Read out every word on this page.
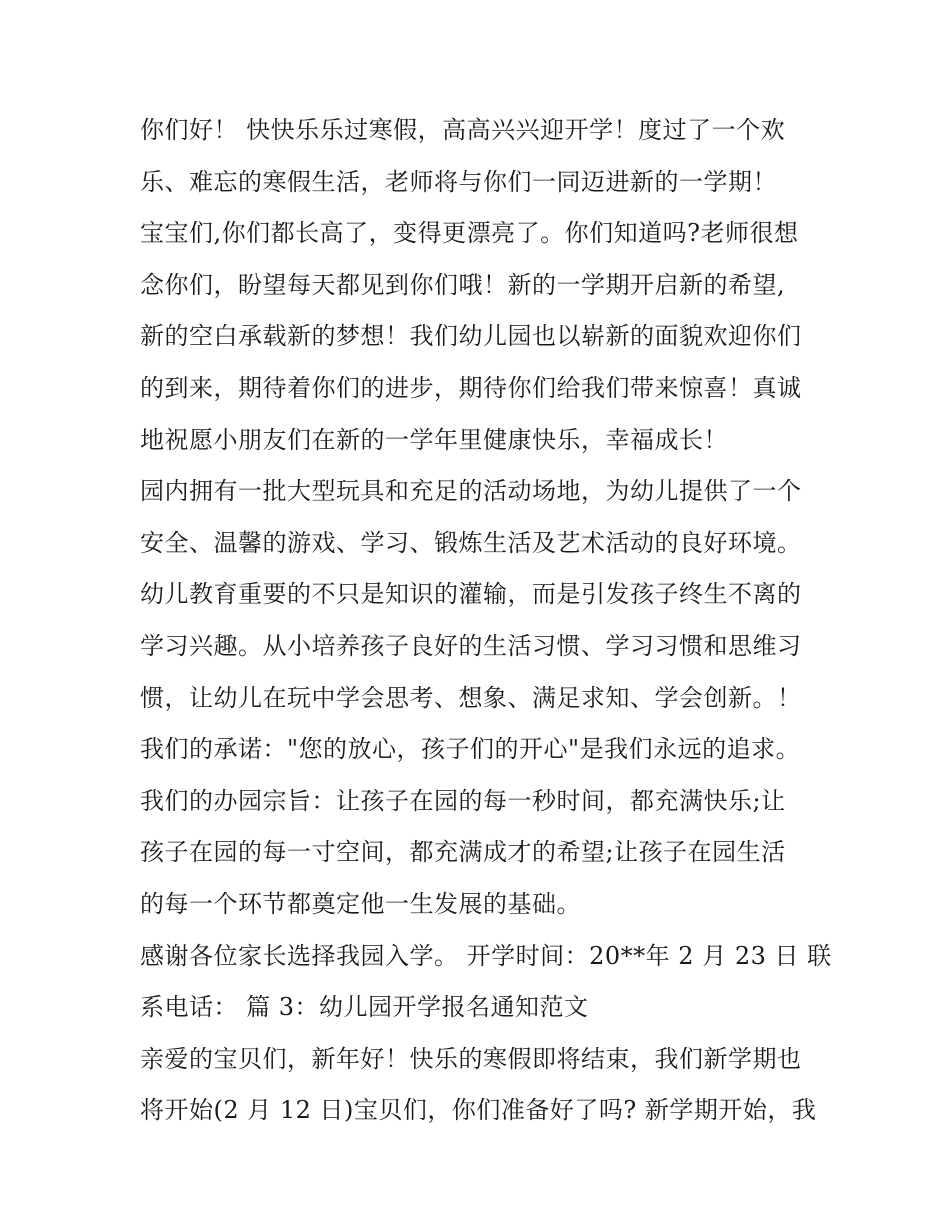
你们好！ 快快乐乐过寒假，高高兴兴迎开学！度过了一个欢
乐、难忘的寒假生活，老师将与你们一同迈进新的一学期！
宝宝们,你们都长高了，变得更漂亮了。你们知道吗?老师很想
念你们，盼望每天都见到你们哦！新的一学期开启新的希望,
新的空白承载新的梦想！我们幼儿园也以崭新的面貌欢迎你们
的到来，期待着你们的进步，期待你们给我们带来惊喜！真诚
地祝愿小朋友们在新的一学年里健康快乐，幸福成长！
园内拥有一批大型玩具和充足的活动场地，为幼儿提供了一个
安全、温馨的游戏、学习、锻炼生活及艺术活动的良好环境。
幼儿教育重要的不只是知识的灌输，而是引发孩子终生不离的
学习兴趣。从小培养孩子良好的生活习惯、学习习惯和思维习
惯，让幼儿在玩中学会思考、想象、满足求知、学会创新。！
我们的承诺："您的放心，孩子们的开心"是我们永远的追求。
我们的办园宗旨：让孩子在园的每一秒时间，都充满快乐;让
孩子在园的每一寸空间，都充满成才的希望;让孩子在园生活
的每一个环节都奠定他一生发展的基础。
感谢各位家长选择我园入学。 开学时间：20**年 2 月 23 日 联
系电话： 篇 3：幼儿园开学报名通知范文
亲爱的宝贝们，新年好！快乐的寒假即将结束，我们新学期也
将开始(2 月 12 日)宝贝们，你们准备好了吗? 新学期开始，我
